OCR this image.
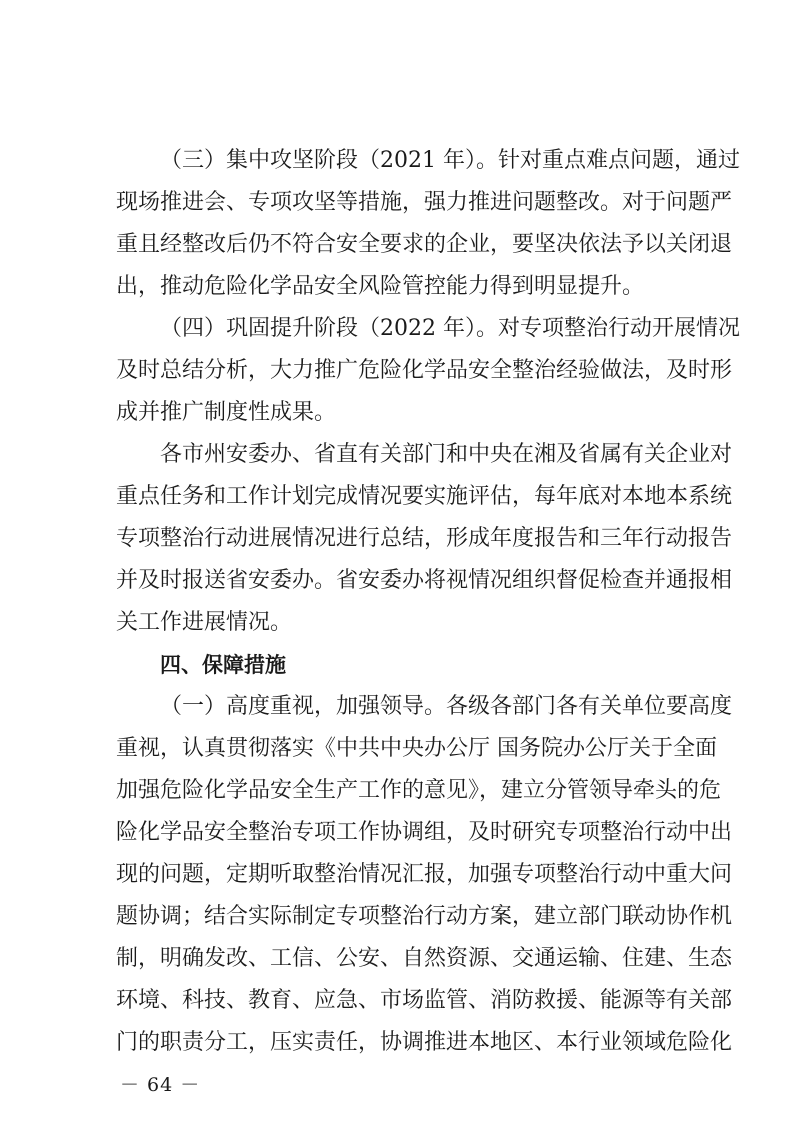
（三）集中攻坚阶段（2021 年）。针对重点难点问题，通过
现场推进会、专项攻坚等措施，强力推进问题整改。对于问题严
重且经整改后仍不符合安全要求的企业，要坚决依法予以关闭退
出，推动危险化学品安全风险管控能力得到明显提升。
（四）巩固提升阶段（2022 年）。对专项整治行动开展情况
及时总结分析，大力推广危险化学品安全整治经验做法，及时形
成并推广制度性成果。
各市州安委办、省直有关部门和中央在湘及省属有关企业对
重点任务和工作计划完成情况要实施评估，每年底对本地本系统
专项整治行动进展情况进行总结，形成年度报告和三年行动报告
并及时报送省安委办。省安委办将视情况组织督促检查并通报相
关工作进展情况。
四、保障措施
（一）高度重视，加强领导。各级各部门各有关单位要高度
重视，认真贯彻落实《中共中央办公厅 国务院办公厅关于全面
加强危险化学品安全生产工作的意见》，建立分管领导牵头的危
险化学品安全整治专项工作协调组，及时研究专项整治行动中出
现的问题，定期听取整治情况汇报，加强专项整治行动中重大问
题协调；结合实际制定专项整治行动方案，建立部门联动协作机
制，明确发改、工信、公安、自然资源、交通运输、住建、生态
环境、科技、教育、应急、市场监管、消防救援、能源等有关部
门的职责分工，压实责任，协调推进本地区、本行业领域危险化
－ 64 －
